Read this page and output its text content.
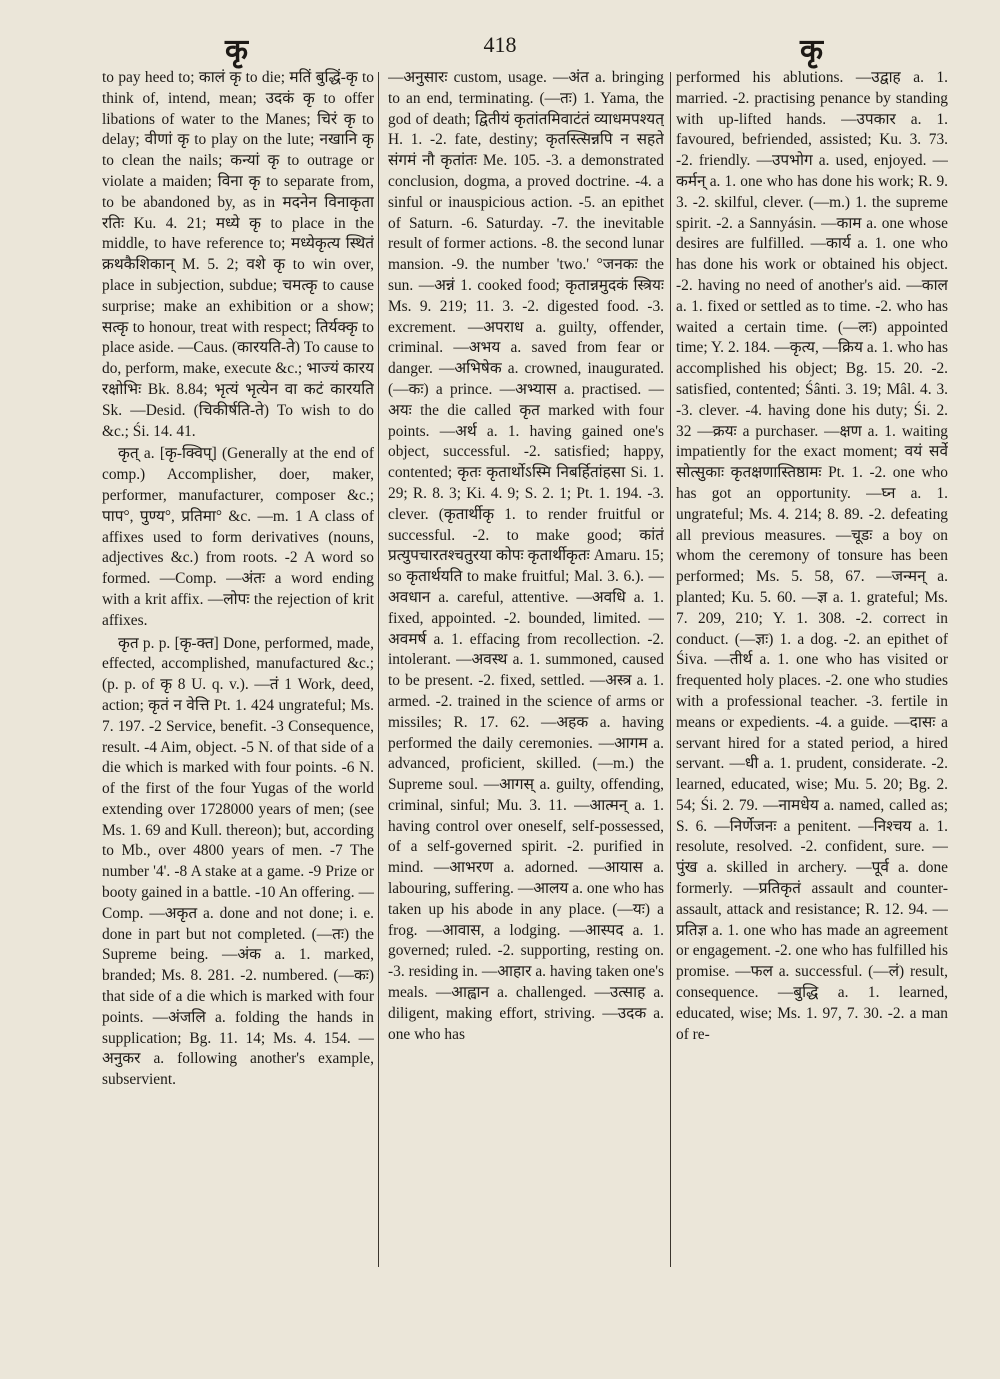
कृ	418	कृ

to pay heed to; कालं कृ to die; मतिं बुद्धिं-कृ to think of, intend, mean; उदकं कृ to offer libations of water to the Manes; चिरं कृ to delay; वीणां कृ to play on the lute; नखानि कृ to clean the nails; कन्यां कृ to outrage or violate a maiden; विना कृ to separate from, to be abandoned by, as in मदनेन विनाकृता रतिः Ku. 4. 21; मध्ये कृ to place in the middle, to have reference to; मध्येकृत्य स्थितं क्रथकैशिकान् M. 5. 2; वशे कृ to win over, place in subjection, subdue; चमत्कृ to cause surprise; make an exhibition or a show; सत्कृ to honour, treat with respect; तिर्यक्कृ to place aside. —Caus. (कारयति-ते) To cause to do, perform, make, execute &c.; भाज्यं कारय रक्षोभिः Bk. 8.84; भृत्यं भृत्येन वा कटं कारयति Sk. —Desid. (चिकीर्षति-ते) To wish to do &c.; Śi. 14. 41.

कृत् a. [कृ-क्विप्] (Generally at the end of comp.) Accomplisher, doer, maker, performer, manufacturer, composer &c.; पाप°, पुण्य°, प्रतिमा° &c. —m. 1 A class of affixes used to form derivatives (nouns, adjectives &c.) from roots. -2 A word so formed. —Comp. —अंतः a word ending with a krit affix. —लोपः the rejection of krit affixes.

कृत p. p. [कृ-क्त] Done, performed, made, effected, accomplished, manufactured &c.; (p. p. of कृ 8 U. q. v.). —तं 1 Work, deed, action; कृतं न वेत्ति Pt. 1. 424 ungrateful; Ms. 7. 197. -2 Service, benefit. -3 Consequence, result. -4 Aim, object. -5 N. of that side of a die which is marked with four points. -6 N. of the first of the four Yugas of the world extending over 1728000 years of men; (see Ms. 1. 69 and Kull. thereon); but, according to Mb., over 4800 years of men. -7 The number '4'. -8 A stake at a game. -9 Prize or booty gained in a battle. -10 An offering. —Comp. —अकृत a. done and not done; i. e. done in part but not completed. (—तः) the Supreme being. —अंक a. 1. marked, branded; Ms. 8. 281. -2. numbered. (—कः) that side of a die which is marked with four points. —अंजलि a. folding the hands in supplication; Bg. 11. 14; Ms. 4. 154. —अनुकर a. following another's example, subservient.

—अनुसारः custom, usage. —अंत a. bringing to an end, terminating. (—तः) 1. Yama, the god of death; द्वितीयं कृतांतमिवाटंतं व्याधमपश्यत् H. 1. -2. fate, destiny; कृतस्त्सिन्नपि न सहते संगमं नौ कृतांतः Me. 105. -3. a demonstrated conclusion, dogma, a proved doctrine. -4. a sinful or inauspicious action. -5. an epithet of Saturn. -6. Saturday. -7. the inevitable result of former actions. -8. the second lunar mansion. -9. the number 'two.' °जनकः the sun. —अन्नं 1. cooked food; कृतान्नमुदकं स्त्रियः Ms. 9. 219; 11. 3. -2. digested food. -3. excrement. —अपराध a. guilty, offender, criminal. —अभय a. saved from fear or danger. —अभिषेक a. crowned, inaugurated. (—कः) a prince. —अभ्यास a. practised. —अयः the die called कृत marked with four points. —अर्थ a. 1. having gained one's object, successful. -2. satisfied; happy, contented; कृतः कृतार्थोऽस्मि निबर्हितांहसा Si. 1. 29; R. 8. 3; Ki. 4. 9; S. 2. 1; Pt. 1. 194. -3. clever. (कृतार्थीकृ 1. to render fruitful or successful. -2. to make good; कांतं प्रत्युपचारतश्चतुरया कोपः कृतार्थीकृतः Amaru. 15; so कृतार्थयति to make fruitful; Mal. 3. 6.). —अवधान a. careful, attentive. —अवधि a. 1. fixed, appointed. -2. bounded, limited. —अवमर्ष a. 1. effacing from recollection. -2. intolerant. —अवस्थ a. 1. summoned, caused to be present. -2. fixed, settled. —अस्त्र a. 1. armed. -2. trained in the science of arms or missiles; R. 17. 62. —अहक a. having performed the daily ceremonies. —आगम a. advanced, proficient, skilled. (—m.) the Supreme soul. —आगस् a. guilty, offending, criminal, sinful; Mu. 3. 11. —आत्मन् a. 1. having control over oneself, self-possessed, of a self-governed spirit. -2. purified in mind. —आभरण a. adorned. —आयास a. labouring, suffering. —आलय a. one who has taken up his abode in any place. (—यः) a frog. —आवास, a lodging. —आस्पद a. 1. governed; ruled. -2. supporting, resting on. -3. residing in. —आहार a. having taken one's meals. —आह्वान a. challenged. —उत्साह a. diligent, making effort, striving. —उदक a. one who has

performed his ablutions. —उद्वाह a. 1. married. -2. practising penance by standing with up-lifted hands. —उपकार a. 1. favoured, befriended, assisted; Ku. 3. 73. -2. friendly. —उपभोग a. used, enjoyed. —कर्मन् a. 1. one who has done his work; R. 9. 3. -2. skilful, clever. (—m.) 1. the supreme spirit. -2. a Sannyásin. —काम a. one whose desires are fulfilled. —कार्य a. 1. one who has done his work or obtained his object. -2. having no need of another's aid. —काल a. 1. fixed or settled as to time. -2. who has waited a certain time. (—लः) appointed time; Y. 2. 184. —कृत्य, —क्रिय a. 1. who has accomplished his object; Bg. 15. 20. -2. satisfied, contented; Śânti. 3. 19; Mâl. 4. 3. -3. clever. -4. having done his duty; Śi. 2. 32 —क्रयः a purchaser. —क्षण a. 1. waiting impatiently for the exact moment; वयं सर्वे सोत्सुकाः कृतक्षणास्तिष्ठामः Pt. 1. -2. one who has got an opportunity. —घ्न a. 1. ungrateful; Ms. 4. 214; 8. 89. -2. defeating all previous measures. —चूडः a boy on whom the ceremony of tonsure has been performed; Ms. 5. 58, 67. —जन्मन् a. planted; Ku. 5. 60. —ज्ञ a. 1. grateful; Ms. 7. 209, 210; Y. 1. 308. -2. correct in conduct. (—ज्ञः) 1. a dog. -2. an epithet of Śiva. —तीर्थ a. 1. one who has visited or frequented holy places. -2. one who studies with a professional teacher. -3. fertile in means or expedients. -4. a guide. —दासः a servant hired for a stated period, a hired servant. —धी a. 1. prudent, considerate. -2. learned, educated, wise; Mu. 5. 20; Bg. 2. 54; Śi. 2. 79. —नामधेय a. named, called as; S. 6. —निर्णेजनः a penitent. —निश्चय a. 1. resolute, resolved. -2. confident, sure. —पुंख a. skilled in archery. —पूर्व a. done formerly. —प्रतिकृतं assault and counter-assault, attack and resistance; R. 12. 94. —प्रतिज्ञ a. 1. one who has made an agreement or engagement. -2. one who has fulfilled his promise. —फल a. successful. (—लं) result, consequence. —बुद्धि a. 1. learned, educated, wise; Ms. 1. 97, 7. 30. -2. a man of re-
